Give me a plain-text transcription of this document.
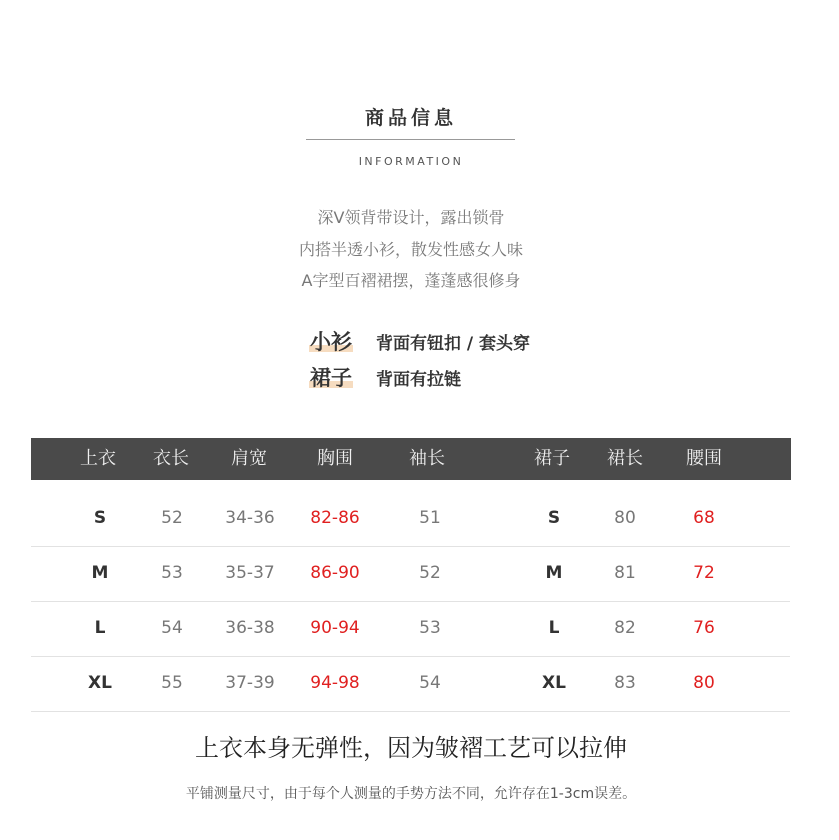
商品信息
INFORMATION
深V领背带设计，露出锁骨
内搭半透小衫，散发性感女人味
A字型百褶裙摆，蓬蓬感很修身
小衫 背面有钮扣 / 套头穿
裙子 背面有拉链
上衣	衣长	肩宽	胸围	袖长	裙子	裙长	腰围
S	52	34-36	82-86	51	S	80	68
M	53	35-37	86-90	52	M	81	72
L	54	36-38	90-94	53	L	82	76
XL	55	37-39	94-98	54	XL	83	80
上衣本身无弹性，因为皱褶工艺可以拉伸
平铺测量尺寸，由于每个人测量的手势方法不同，允许存在1-3cm误差。
